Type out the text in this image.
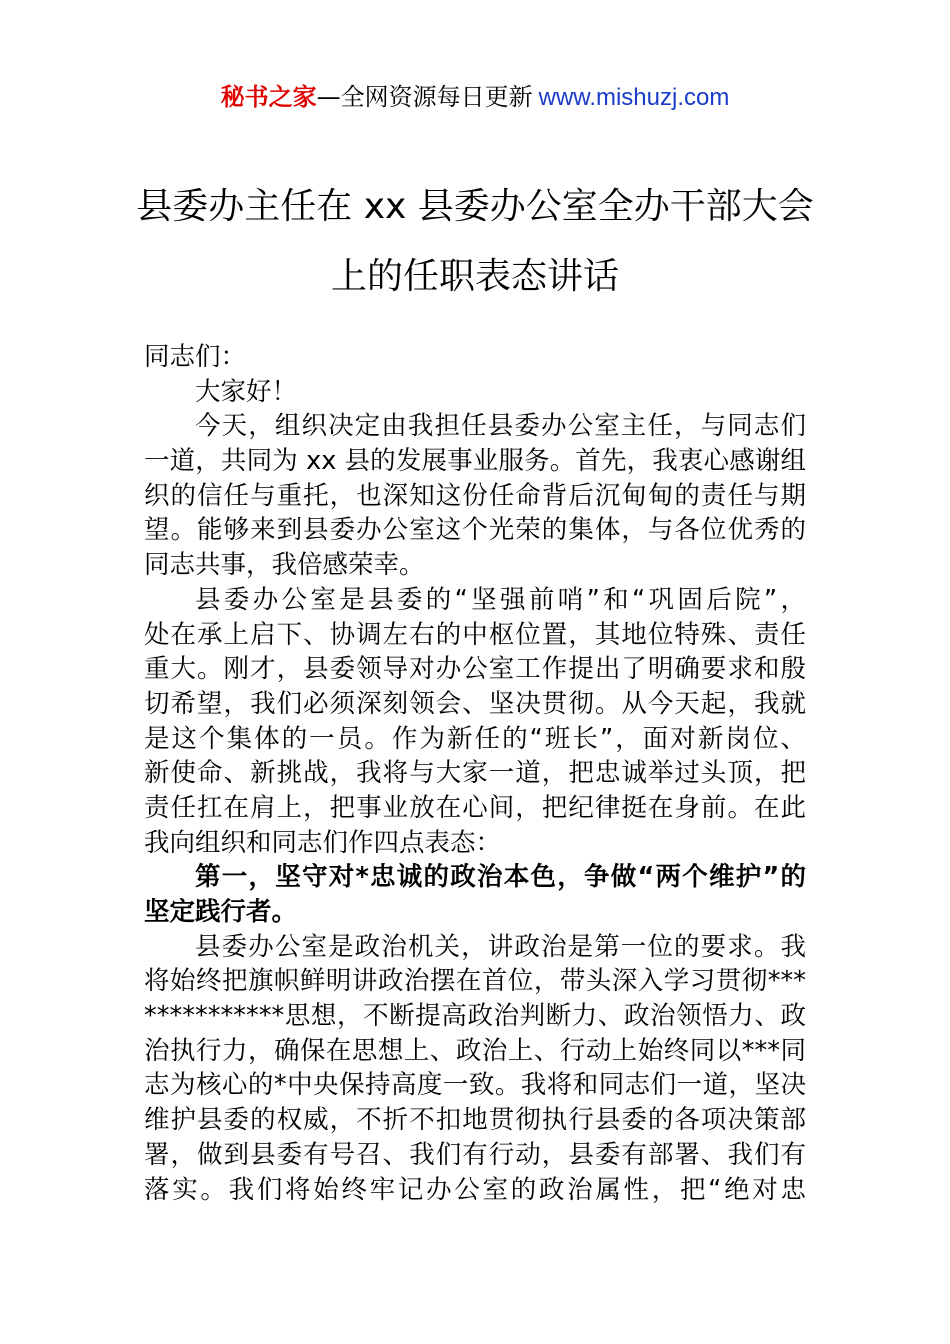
秘书之家—全网资源每日更新 www.mishuzj.com
县委办主任在 xx 县委办公室全办干部大会
上的任职表态讲话
同志们：
大家好！
今天，组织决定由我担任县委办公室主任，与同志们
一道，共同为 xx 县的发展事业服务。首先，我衷心感谢组
织的信任与重托，也深知这份任命背后沉甸甸的责任与期
望。能够来到县委办公室这个光荣的集体，与各位优秀的
同志共事，我倍感荣幸。
县委办公室是县委的“坚强前哨”和“巩固后院”，
处在承上启下、协调左右的中枢位置，其地位特殊、责任
重大。刚才，县委领导对办公室工作提出了明确要求和殷
切希望，我们必须深刻领会、坚决贯彻。从今天起，我就
是这个集体的一员。作为新任的“班长”，面对新岗位、
新使命、新挑战，我将与大家一道，把忠诚举过头顶，把
责任扛在肩上，把事业放在心间，把纪律挺在身前。在此
我向组织和同志们作四点表态：
第一，坚守对*忠诚的政治本色，争做“两个维护”的
坚定践行者。
县委办公室是政治机关，讲政治是第一位的要求。我
将始终把旗帜鲜明讲政治摆在首位，带头深入学习贯彻***
***********思想，不断提高政治判断力、政治领悟力、政
治执行力，确保在思想上、政治上、行动上始终同以***同
志为核心的*中央保持高度一致。我将和同志们一道，坚决
维护县委的权威，不折不扣地贯彻执行县委的各项决策部
署，做到县委有号召、我们有行动，县委有部署、我们有
落实。我们将始终牢记办公室的政治属性，把“绝对忠
